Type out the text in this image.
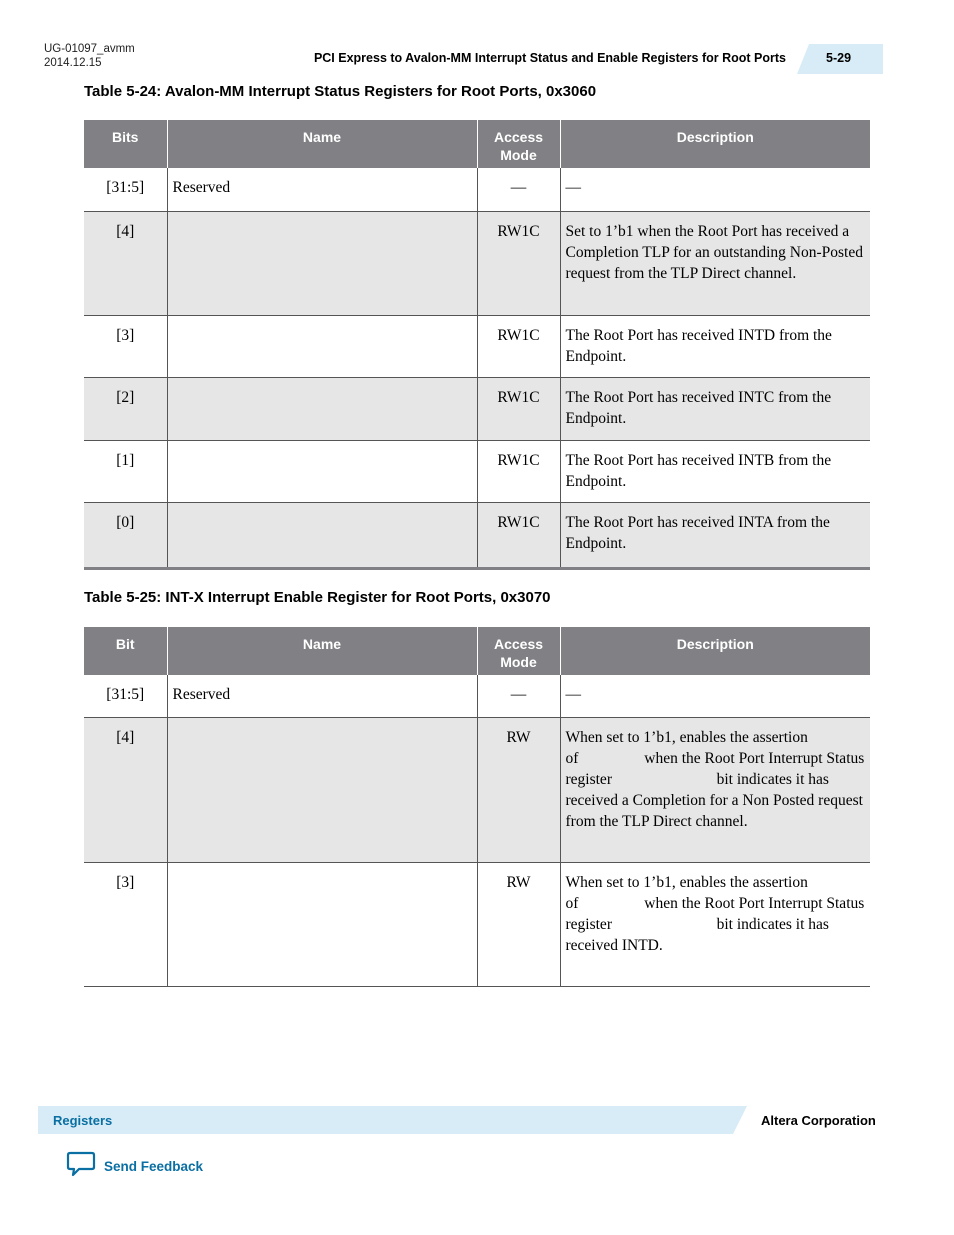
UG-01097_avmm
2014.12.15	PCI Express to Avalon-MM Interrupt Status and Enable Registers for Root Ports	5-29
Table 5-24: Avalon-MM Interrupt Status Registers for Root Ports, 0x3060
Bits	Name	Access Mode	Description
[31:5]	Reserved	—	—
[4]		RW1C	Set to 1’b1 when the Root Port has received a Completion TLP for an outstanding Non-Posted request from the TLP Direct channel.
[3]		RW1C	The Root Port has received INTD from the Endpoint.
[2]		RW1C	The Root Port has received INTC from the Endpoint.
[1]		RW1C	The Root Port has received INTB from the Endpoint.
[0]		RW1C	The Root Port has received INTA from the Endpoint.
Table 5-25: INT-X Interrupt Enable Register for Root Ports, 0x3070
Bit	Name	Access Mode	Description
[31:5]	Reserved	—	—
[4]		RW	When set to 1’b1, enables the assertion of                 when the Root Port Interrupt Status register                           bit indicates it has received a Completion for a Non Posted request from the TLP Direct channel.
[3]		RW	When set to 1’b1, enables the assertion of                 when the Root Port Interrupt Status register                           bit indicates it has received INTD.
Registers	Altera Corporation
Send Feedback
